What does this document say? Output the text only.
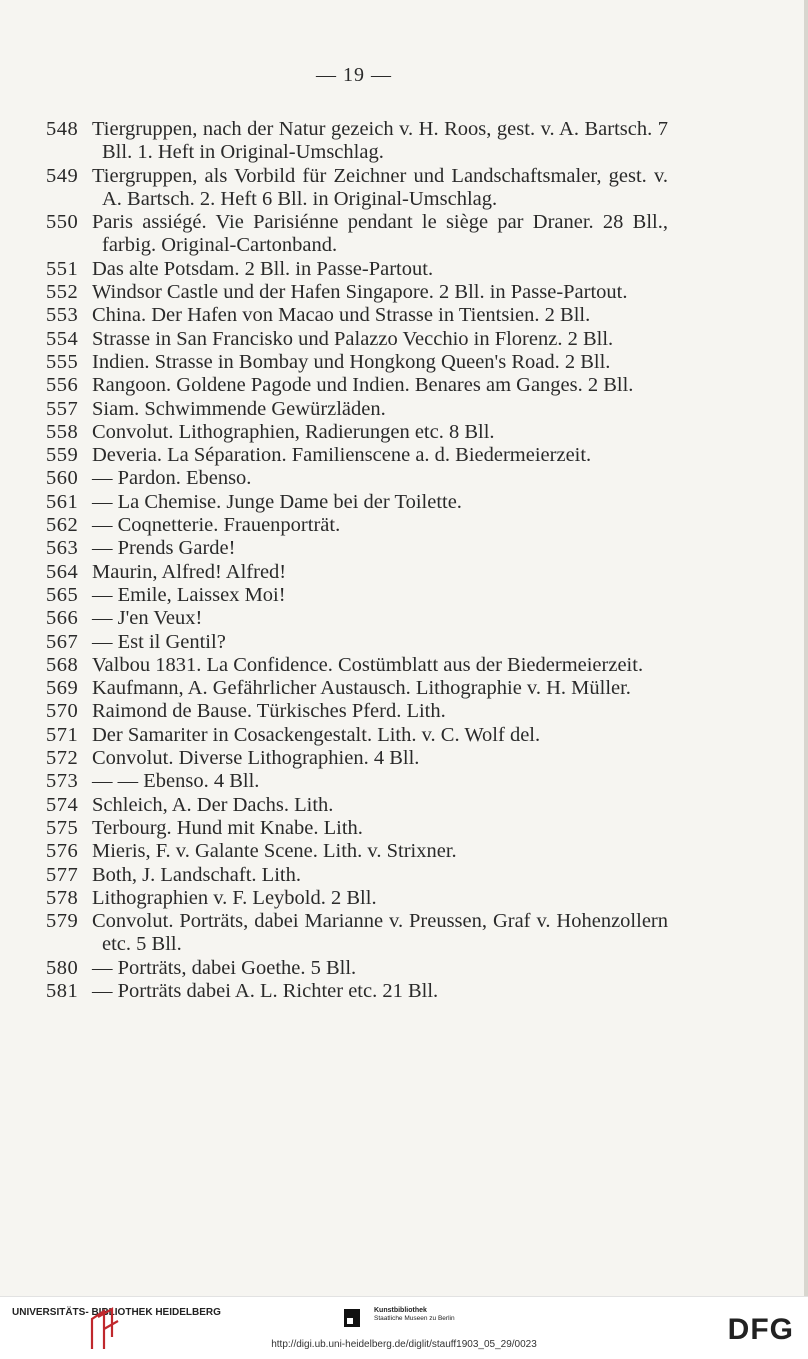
— 19 —
548 Tiergruppen, nach der Natur gezeich v. H. Roos, gest. v. A. Bartsch. 7 Bll. 1. Heft in Original-Umschlag.
549 Tiergruppen, als Vorbild für Zeichner und Landschaftsmaler, gest. v. A. Bartsch. 2. Heft 6 Bll. in Original-Umschlag.
550 Paris assiégé. Vie Parisiénne pendant le siège par Draner. 28 Bll., farbig. Original-Cartonband.
551 Das alte Potsdam. 2 Bll. in Passe-Partout.
552 Windsor Castle und der Hafen Singapore. 2 Bll. in Passe-Partout.
553 China. Der Hafen von Macao und Strasse in Tientsien. 2 Bll.
554 Strasse in San Francisko und Palazzo Vecchio in Florenz. 2 Bll.
555 Indien. Strasse in Bombay und Hongkong Queen's Road. 2 Bll.
556 Rangoon. Goldene Pagode und Indien. Benares am Ganges. 2 Bll.
557 Siam. Schwimmende Gewürzläden.
558 Convolut. Lithographien, Radierungen etc. 8 Bll.
559 Deveria. La Séparation. Familienscene a. d. Biedermeierzeit.
560 — Pardon. Ebenso.
561 — La Chemise. Junge Dame bei der Toilette.
562 — Coqnetterie. Frauenporträt.
563 — Prends Garde!
564 Maurin, Alfred! Alfred!
565 — Emile, Laissex Moi!
566 — J'en Veux!
567 — Est il Gentil?
568 Valbou 1831. La Confidence. Costümblatt aus der Biedermeierzeit.
569 Kaufmann, A. Gefährlicher Austausch. Lithographie v. H. Müller.
570 Raimond de Bause. Türkisches Pferd. Lith.
571 Der Samariter in Cosackengestalt. Lith. v. C. Wolf del.
572 Convolut. Diverse Lithographien. 4 Bll.
573 — — Ebenso. 4 Bll.
574 Schleich, A. Der Dachs. Lith.
575 Terbourg. Hund mit Knabe. Lith.
576 Mieris, F. v. Galante Scene. Lith. v. Strixner.
577 Both, J. Landschaft. Lith.
578 Lithographien v. F. Leybold. 2 Bll.
579 Convolut. Porträts, dabei Marianne v. Preussen, Graf v. Hohenzollern etc. 5 Bll.
580 — Porträts, dabei Goethe. 5 Bll.
581 — Porträts dabei A. L. Richter etc. 21 Bll.
UNIVERSITÄTS- BIBLIOTHEK HEIDELBERG	Kunstbibliothek
Staatliche Museen zu Berlin
http://digi.ub.uni-heidelberg.de/diglit/stauff1903_05_29/0023	DFG
